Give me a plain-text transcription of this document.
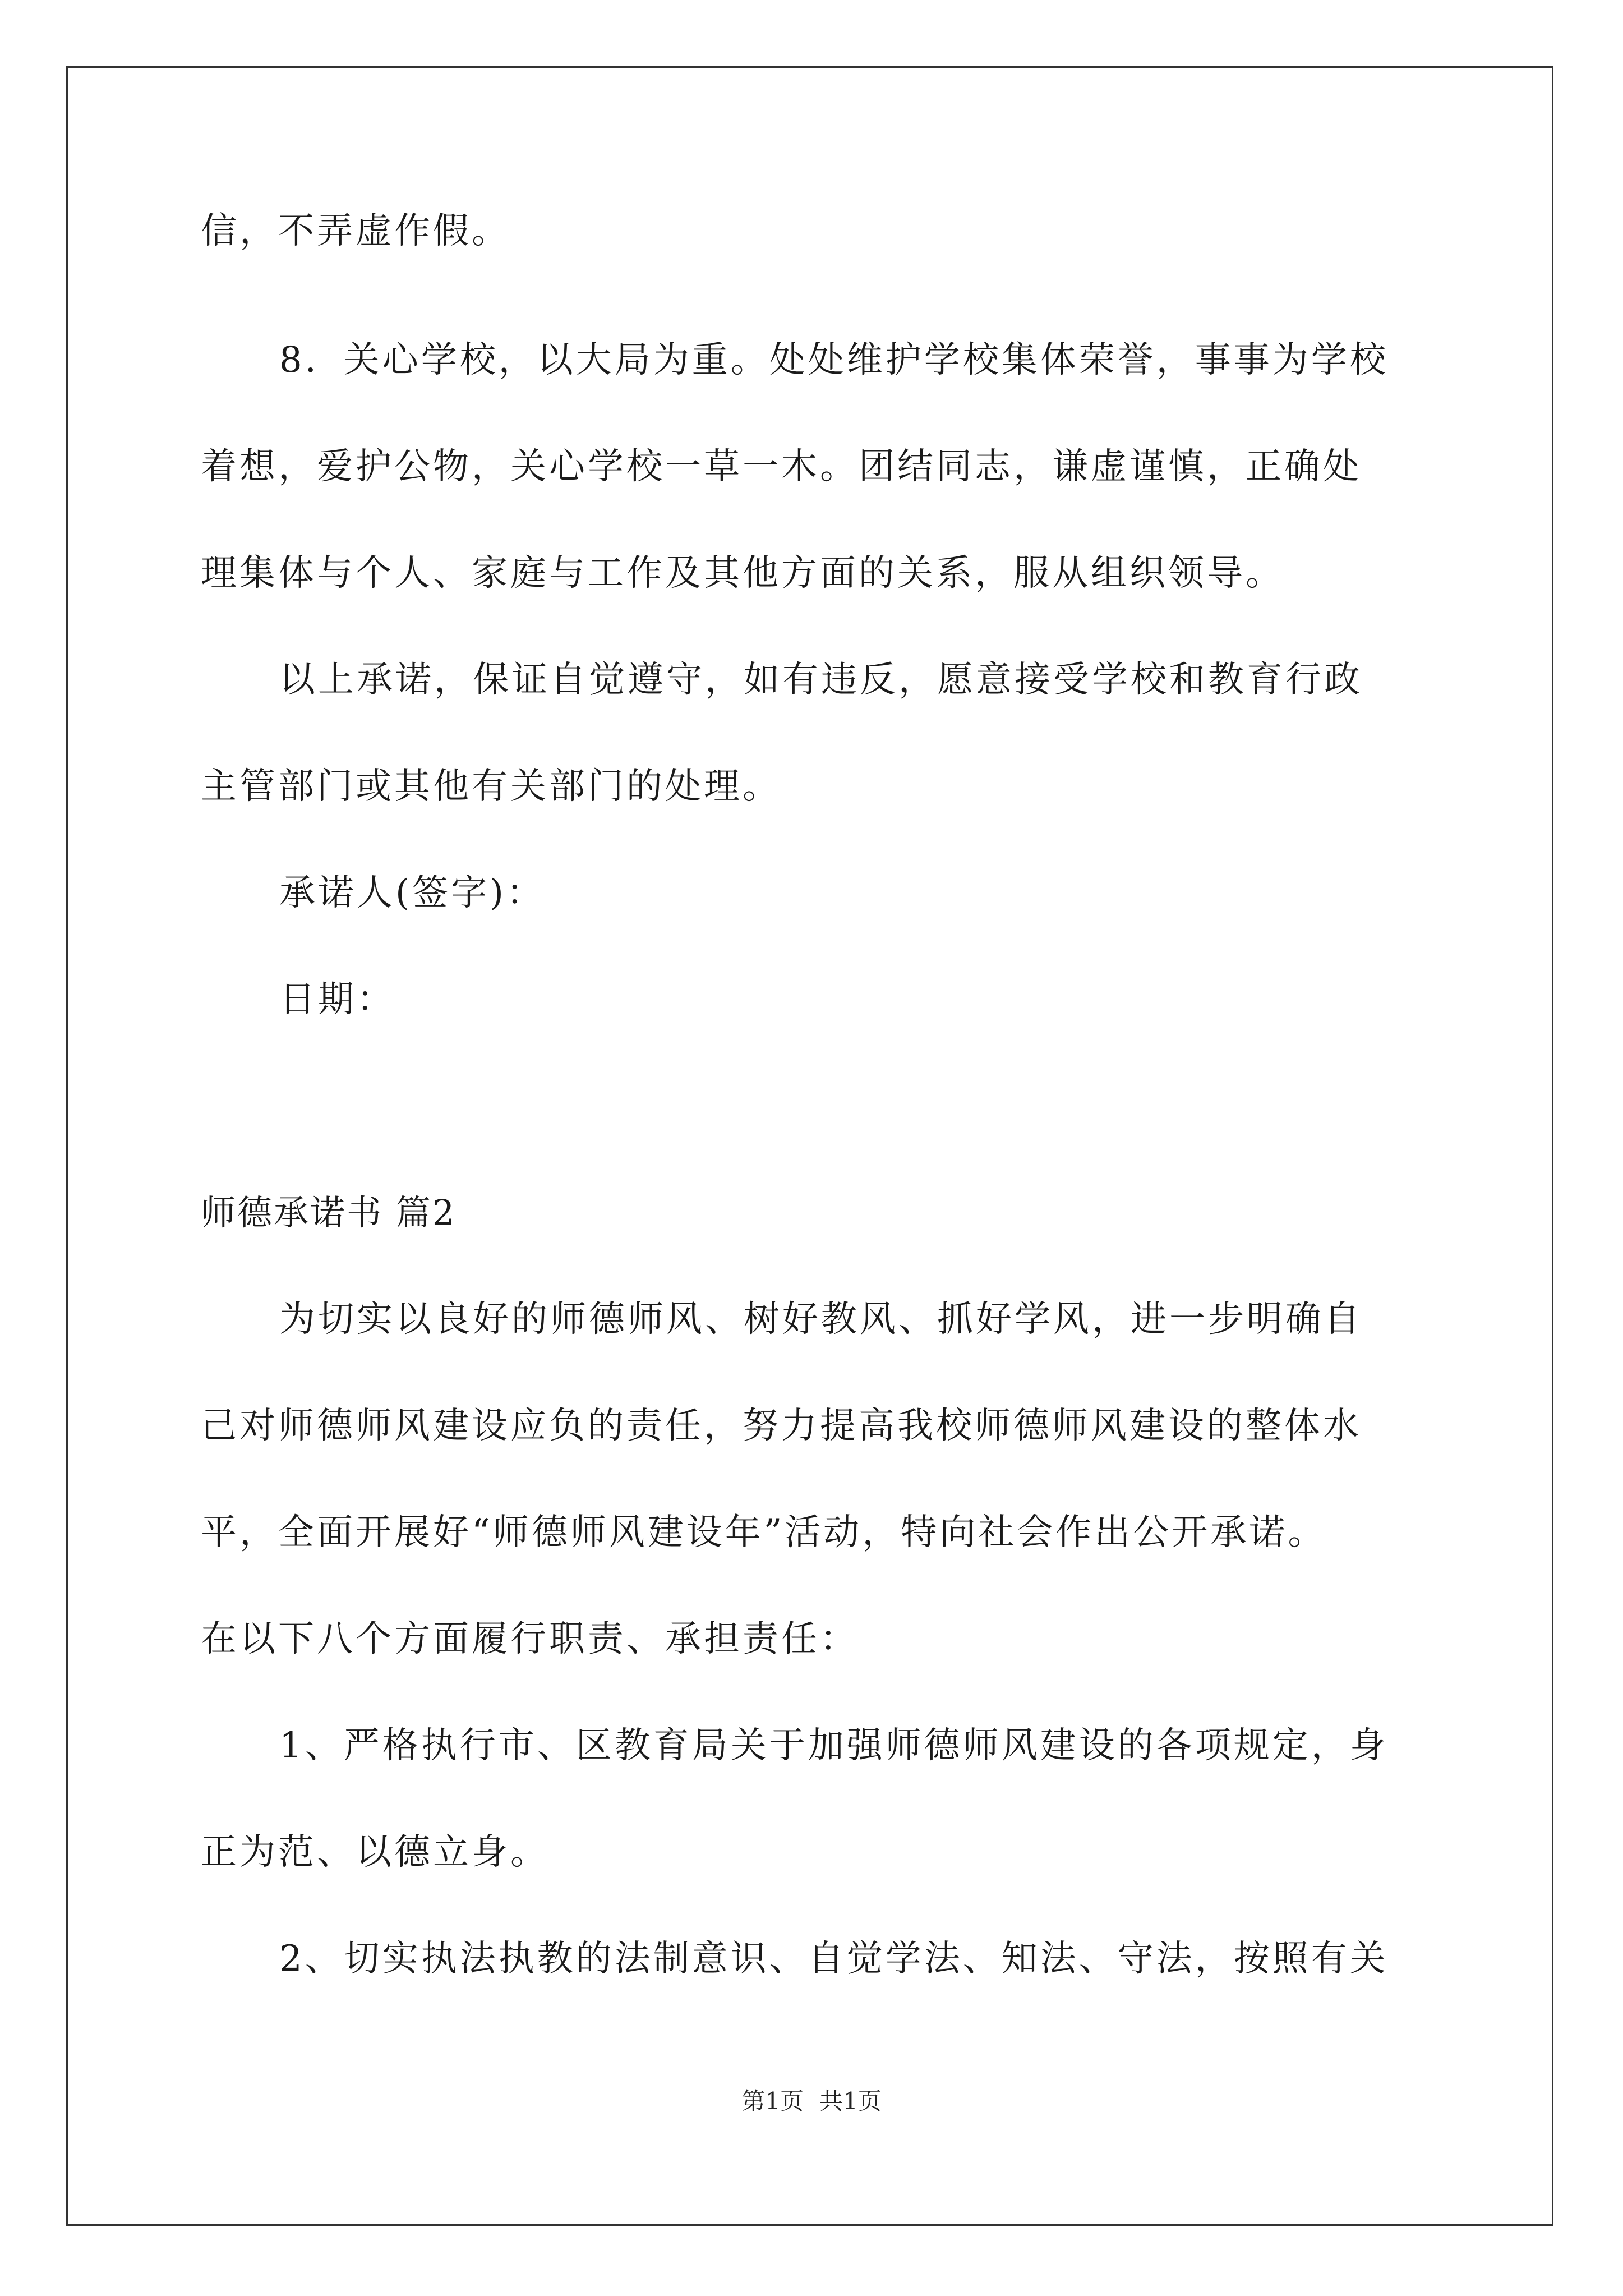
信，不弄虚作假。
8．关心学校，以大局为重。处处维护学校集体荣誉，事事为学校
着想，爱护公物，关心学校一草一木。团结同志，谦虚谨慎，正确处
理集体与个人、家庭与工作及其他方面的关系，服从组织领导。
以上承诺，保证自觉遵守，如有违反，愿意接受学校和教育行政
主管部门或其他有关部门的处理。
承诺人(签字)：
日期：
师德承诺书 篇2
为切实以良好的师德师风、树好教风、抓好学风，进一步明确自
己对师德师风建设应负的责任，努力提高我校师德师风建设的整体水
平，全面开展好“师德师风建设年”活动，特向社会作出公开承诺。
在以下八个方面履行职责、承担责任：
1、严格执行市、区教育局关于加强师德师风建设的各项规定，身
正为范、以德立身。
2、切实执法执教的法制意识、自觉学法、知法、守法，按照有关
第1页 共1页
